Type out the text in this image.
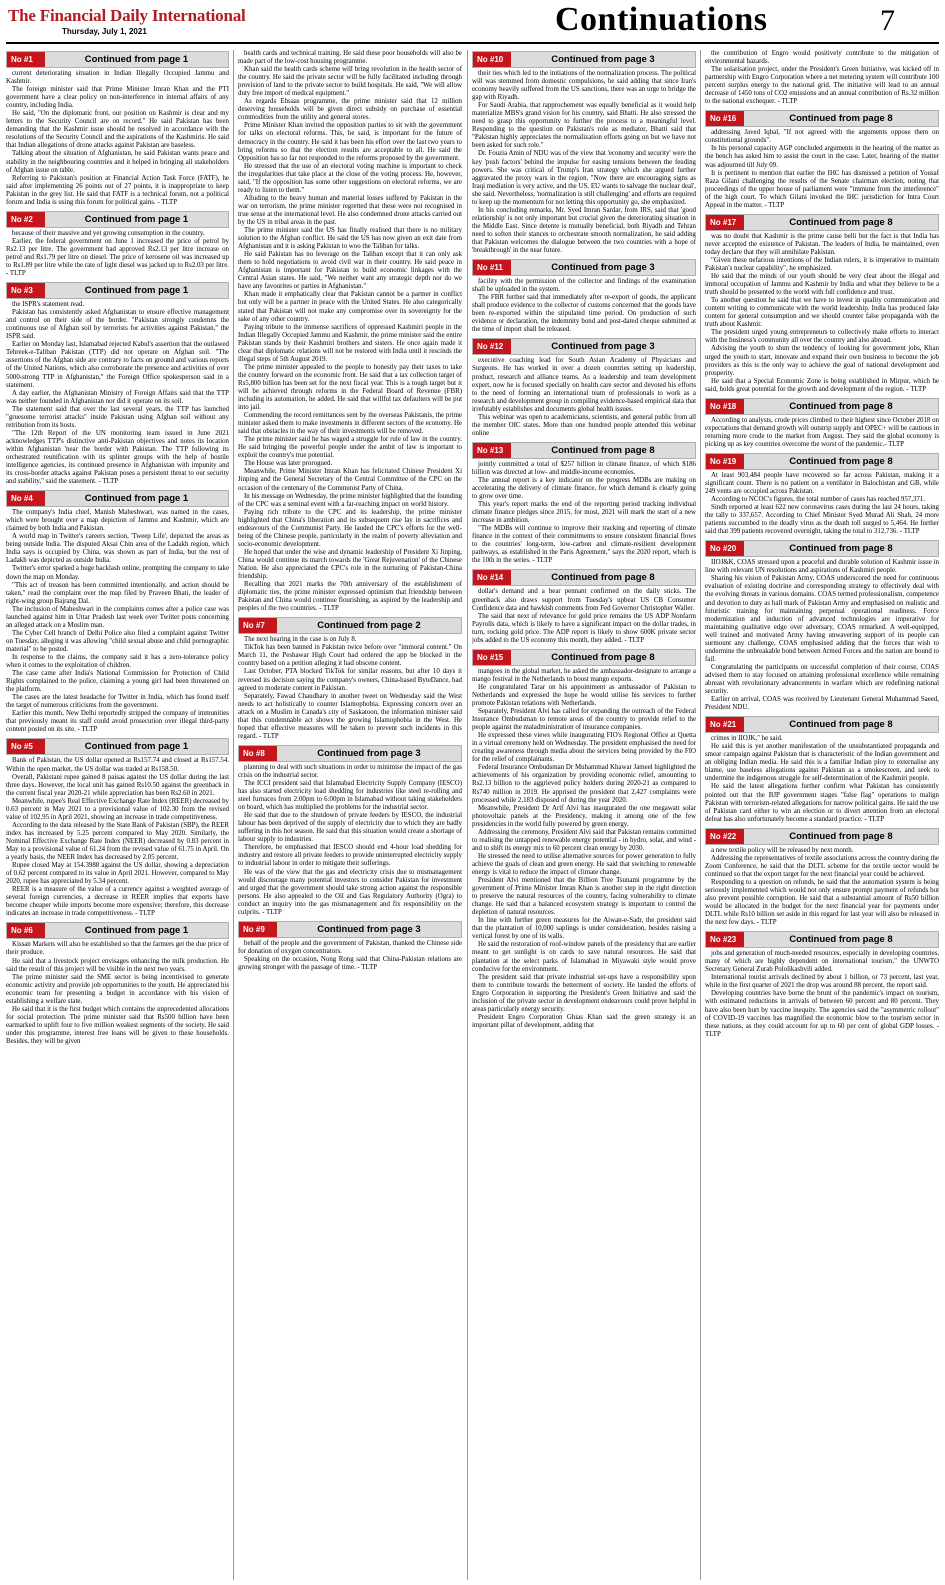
The Financial Daily International
Thursday, July 1, 2021	Continuations	7
No #1	Continued from page 1

current deteriorating situation in Indian Illegally Occupied Jammu and Kashmir.

The foreign minister said that Prime Minister Imran Khan and the PTI government have a clear policy on non-interference in internal affairs of any country, including India.

He said, "On the diplomatic front, our position on Kashmir is clear and my letters to the Security Council are on record." He said Pakistan has been demanding that the Kashmir issue should be resolved in accordance with the resolutions of the Security Council and the aspirations of the Kashmiris. He said that Indian allegations of drone attacks against Pakistan are baseless.

Talking about the situation of Afghanistan, he said Pakistan wants peace and stability in the neighbouring countries and it helped in bringing all stakeholders of Afghan issue on table.

Referring to Pakistan's position at Financial Action Task Force (FATF), he said after implementing 26 points out of 27 points, it is inappropriate to keep Pakistan in the grey list. He said that FATF is a technical forum, not a political forum and India is using this forum for political gains. - TLTP

No #2	Continued from page 1

because of their massive and yet growing consumption in the country.

Earlier, the federal government on June 1 increased the price of petrol by Rs2.13 per litre. The government had approved Rs2.13 per litre increase on petrol and Rs1.79 per litre on diesel. The price of kerosene oil was increased up to Rs1.89 per litre while the rate of light diesel was jacked up to Rs2.03 per litre. - TLTP

No #3	Continued from page 1

the ISPR's statement read.

Pakistan has consistently asked Afghanistan to ensure effective management and control on their side of the border. "Pakistan strongly condemns the continuous use of Afghan soil by terrorists for activities against Pakistan," the ISPR said.

Earlier on Monday last, Islamabad rejected Kabul's assertion that the outlawed Tehreek-e-Taliban Pakistan (TTP) did not operate on Afghan soil. "The assertions of the Afghan side are contrary to facts on ground and various reports of the United Nations, which also corroborate the presence and activities of over 5000-strong TTP in Afghanistan," the Foreign Office spokesperson said in a statement.

A day earlier, the Afghanistan Ministry of Foreign Affairs said that the TTP was neither founded in Afghanistan nor did it operate on its soil.

The statement said that over the last several years, the TTP has launched "gruesome terrorist attacks" inside Pakistan using Afghan soil without any retribution from its hosts.

"The 12th Report of the UN monitoring team issued in June 2021 acknowledges TTP's distinctive anti-Pakistan objectives and notes its location within Afghanistan 'near the border with Pakistan. The TTP following its orchestrated reunification with its splinter groups with the help of hostile intelligence agencies, its continued presence in Afghanistan with impunity and its cross-border attacks against Pakistan poses a persistent threat to our security and stability," said the statement. - TLTP

No #4	Continued from page 1

The company's India chief, Manish Maheshwari, was named in the cases, which were brought over a map depiction of Jammu and Kashmir, which are claimed by both India and Pakistan.

A world map in Twitter's careers section, 'Tweep Life', depicted the areas as being outside India. The disputed Aksai Chin area of the Ladakh region, which India says is occupied by China, was shown as part of India, but the rest of Ladakh was depicted as outside India.

Twitter's error sparked a huge backlash online, prompting the company to take down the map on Monday.

"This act of treason has been committed intentionally, and action should be taken," read the complaint over the map filed by Praveen Bhati, the leader of right-wing group Bajrang Dal.

The inclusion of Maheshwari in the complaints comes after a police case was launched against him in Uttar Pradesh last week over Twitter posts concerning an alleged attack on a Muslim man.

The Cyber Cell branch of Delhi Police also filed a complaint against Twitter on Tuesday, alleging it was allowing "child sexual abuse and child pornographic material" to be posted.

In response to the claims, the company said it has a zero-tolerance policy when it comes to the exploitation of children.

The case came after India's National Commission for Protection of Child Rights complained to the police, claiming a young girl had been threatened on the platform.

The cases are the latest headache for Twitter in India, which has found itself the target of numerous criticisms from the government.

Earlier this month, New Delhi reportedly stripped the company of immunities that previously meant its staff could avoid prosecution over illegal third-party content posted on its site. - TLTP

No #5	Continued from page 1

Bank of Pakistan, the US dollar opened at Rs157.74 and closed at Rs157.54. Within the open market, the US dollar was traded at Rs158.50.

Overall, Pakistani rupee gained 8 paisas against the US dollar during the last three days. However, the local unit has gained Rs10.50 against the greenback in the current fiscal year 2020-21 while appreciation has been Rs2.60 in 2021.

Meanwhile, rupee's Real Effective Exchange Rate Index (REER) decreased by 0.63 percent in May 2021 to a provisional value of 102.30 from the revised value of 102.95 in April 2021, showing an increase in trade competitiveness.

According to the data released by the State Bank of Pakistan (SBP), the REER index has increased by 5.25 percent compared to May 2020. Similarly, the Nominal Effective Exchange Rate Index (NEER) decreased by 0.83 percent in May to a provisional value of 61.24 from the revised value of 61.75 in April. On a yearly basis, the NEER Index has decreased by 2.05 percent.

Rupee closed May at 154.3988 against the US dollar, showing a depreciation of 0.62 percent compared to its value in April 2021. However, compared to May 2020, rupee has appreciated by 5.34 percent.

REER is a measure of the value of a currency against a weighted average of several foreign currencies, a decrease in REER implies that exports have become cheaper while imports become more expensive; therefore, this decrease indicates an increase in trade competitiveness. - TLTP

No #6	Continued from page 1

Kissan Markets will also be established so that the farmers get the due price of their produce.

He said that a livestock project envisages enhancing the milk production. He said the result of this project will be visible in the next two years.

The prime minister said the SME sector is being incentivised to generate economic activity and provide job opportunities to the youth. He appreciated his economic team for presenting a budget in accordance with his vision of establishing a welfare state.

He said that it is the first budget which contains the unprecedented allocations for social protection. The prime minister said that Rs500 billion have been earmarked to uplift four to five million weakest segments of the society. He said under this programme, interest free loans will be given to these households. Besides, they will be given

health cards and technical training. He said these poor households will also be made part of the low-cost housing programme.

Khan said the health cards scheme will bring revolution in the health sector of the country. He said the private sector will be fully facilitated including through provision of land to the private sector to build hospitals. He said, "We will allow duty free import of medical equipment."

As regards Ehsaas programme, the prime minister said that 12 million deserving households will be given direct subsidy on purchase of essential commodities from the utility and general stores.

Prime Minister Khan invited the opposition parties to sit with the government for talks on electoral reforms. This, he said, is important for the future of democracy in the country. He said it has been his effort over the last two years to bring reforms so that the election results are acceptable to all. He said the Opposition has so far not responded to the reforms proposed by the government.

He stressed that the use of an electoral voting machine is important to check the irregularities that take place at the close of the voting process. He, however, said, "If the opposition has some other suggestions on electoral reforms, we are ready to listen to them."

Alluding to the heavy human and material losses suffered by Pakistan in the war on terrorism, the prime minister regretted that these were not recognised in true sense at the international level. He also condemned drone attacks carried out by the US in tribal areas in the past.

The prime minister said the US has finally realised that there is no military solution to the Afghan conflict. He said the US has now given an exit date from Afghanistan and it is asking Pakistan to woo the Taliban for talks.

He said Pakistan has no leverage on the Taliban except that it can only ask them to hold negotiations to avoid civil war in their country. He said peace in Afghanistan is important for Pakistan to build economic linkages with the Central Asian states. He said, "We neither want any strategic depth nor do we have any favourites or parties in Afghanistan."

Khan made it emphatically clear that Pakistan cannot be a partner in conflict but only will be a partner in peace with the United States. He also categorically stated that Pakistan will not make any compromise over its sovereignty for the sake of any other country.

Paying tribute to the immense sacrifices of oppressed Kashmiri people in the Indian Illegally Occupied Jammu and Kashmir, the prime minister said the entire Pakistan stands by their Kashmiri brothers and sisters. He once again made it clear that diplomatic relations will not be restored with India until it rescinds the illegal steps of 5th August 2019.

The prime minister appealed to the people to honestly pay their taxes to take the country forward on the economic front. He said that a tax collection target of Rs5,800 billion has been set for the next fiscal year. This is a tough target but it will be achieved through reforms in the Federal Board of Revenue (FBR) including its automation, he added. He said that willful tax defaulters will be put into jail.

Commending the record remittances sent by the overseas Pakistanis, the prime minister asked them to make investments in different sectors of the economy. He said that obstacles in the way of their investments will be removed.

The prime minister said he has waged a struggle for rule of law in the country. He said bringing the powerful people under the ambit of law is important to exploit the country's true potential.

The House was later prorogued.

Meanwhile, Prime Minister Imran Khan has felicitated Chinese President Xi Jinping and the General Secretary of the Central Committee of the CPC on the occasion of the centenary of the Communist Party of China.

In his message on Wednesday, the prime minister highlighted that the founding of the CPC was a seminal event with a far-reaching impact on world history.

Paying rich tribute to the CPC and its leadership, the prime minister highlighted that China's liberation and its subsequent rise lay in sacrifices and endeavours of the Communist Party. He lauded the CPC's efforts for the well-being of the Chinese people, particularly in the realm of poverty alleviation and socio-economic development.

He hoped that under the wise and dynamic leadership of President Xi Jinping, China would continue its march towards the 'Great Rejuvenation' of the Chinese Nation. He also appreciated the CPC's role in the nurturing of Pakistan-China friendship.

Recalling that 2021 marks the 70th anniversary of the establishment of diplomatic ties, the prime minister expressed optimism that friendship between Pakistan and China would continue flourishing, as aspired by the leadership and peoples of the two countries. - TLTP

No #7	Continued from page 2

The next hearing in the case is on July 8.

TikTok has been banned in Pakistan twice before over "immoral content." On March 11, the Peshawar High Court had ordered the app be blocked in the country based on a petition alleging it had obscene content.

Last October, PTA blocked TikTok for similar reasons, but after 10 days it reversed its decision saying the company's owners, China-based ByteDance, had agreed to moderate content in Pakistan.

Separately, Fawad Chaudhary in another tweet on Wednesday said the West needs to act holistically to counter Islamophobia. Expressing concern over an attack on a Muslim in Canada's city of Saskatoon, the information minister said that this condemnable act shows the growing Islamophobia in the West. He hoped that effective measures will be taken to prevent such incidents in this regard. - TLTP

No #8	Continued from page 3

planning to deal with such situations in order to minimise the impact of the gas crisis on the industrial sector.

The ICCI president said that Islamabad Electricity Supply Company (IESCO) has also started electricity load shedding for industries like steel re-rolling and steel furnaces from 2:00pm to 6:00pm in Islamabad without taking stakeholders on board, which has multiplied the problems for the industrial sector.

He said that due to the shutdown of private feeders by IESCO, the industrial labour has been deprived of the supply of electricity due to which they are badly suffering in this hot season. He said that this situation would create a shortage of labour supply to industries.

Therefore, he emphasised that IESCO should end 4-hour load shedding for industry and restore all private feeders to provide uninterrupted electricity supply to industrial labour in order to mitigate their sufferings.

He was of the view that the gas and electricity crisis due to mismanagement would discourage many potential investors to consider Pakistan for investment and urged that the government should take strong action against the responsible persons. He also appealed to the Oil and Gas Regulatory Authority (Ogra) to conduct an inquiry into the gas mismanagement and fix responsibility on the culprits. - TLTP

No #9	Continued from page 3

behalf of the people and the government of Pakistan, thanked the Chinese side for donation of oxygen concentrators.

Speaking on the occasion, Nong Rong said that China-Pakistan relations are growing stronger with the passage of time. - TLTP

No #10	Continued from page 3

their ties which led to the initiations of the normalization process. The political will was stemmed from domestic compulsions, he said adding that since Iran's economy heavily suffered from the US sanctions, there was an urge to bridge the gap with Riyadh.

For Saudi Arabia, that rapprochement was equally beneficial as it would help materialize MBS's grand vision for his country, said Bhatti. He also stressed the need to grasp this opportunity to further the process to a meaningful level. Responding to the question on Pakistan's role as mediator, Bhatti said that "Pakistan highly appreciates the normalization efforts going on but we have not been asked for such role."

Dr. Fouzia Amin of NDU was of the view that 'economy and security' were the key 'push factors' behind the impulse for easing tensions between the feuding powers. She was critical of Trump's Iran strategy which she argued further aggravated the proxy wars in the region. "Now there are encouraging signs as Iraqi mediation is very active, and the US, EU wants to salvage the nuclear deal', she said. Nevertheless, 'normalization is still challenging' and efforts are required to keep up the momentum for not letting this opportunity go, she emphasized.

In his concluding remarks, Mr. Syed Imran Sardar, from IRS, said that 'good relationship' is not only important but crucial given the deteriorating situation in the Middle East. Since detente is mutually beneficial, both Riyadh and Tehran need to soften their stances to orchestrate smooth normalization, he said adding that Pakistan welcomes the dialogue between the two countries with a hope of 'breakthrough' in the near future.

No #11	Continued from page 3

facility with the permission of the collector and findings of the examination shall be uploaded in the system.

The FBR further said that immediately after re-export of goods, the applicant shall produce evidence to the collector of customs concerned that the goods have been re-exported within the stipulated time period. On production of such evidence or declaration, the indemnity bond and post-dated cheque submitted at the time of import shall be released.

No #12	Continued from page 3

executive coaching lead for South Asian Academy of Physicians and Surgeons. He has worked in over a dozen countries setting up leadership, product, research and alliance teams. As a leadership and team development expert, now he is focused specially on health care sector and devoted his efforts to the need of forming an international team of professionals to work as a research and development group in compiling evidence-based empirical data that irrefutably establishes and documents global health issues.

This webinar was open to academicians, scientists, and general public from all the member OIC states. More than one hundred people attended this webinar online

No #13	Continued from page 8

jointly committed a total of $257 billion in climate finance, of which $186 billion was directed at low- and middle-income economies.

The annual report is a key indicator on the progress MDBs are making on accelerating the delivery of climate finance, for which demand is clearly going to grow over time.

This year's report marks the end of the reporting period tracking individual climate finance pledges since 2015, for most, 2021 will mark the start of a new increase in ambition.

"The MDBs will continue to improve their tracking and reporting of climate finance in the context of their commitments to ensure consistent financial flows to the countries' long-term, low-carbon and climate-resilient development pathways, as established in the Paris Agreement," says the 2020 report, which is the 10th in the series. - TLTP

No #14	Continued from page 8

dollar's demand and a bear pennant confirmed on the daily sticks. The greenback also draws support from Tuesday's upbeat US CB Consumer Confidence data and hawkish comments from Fed Governor Christopher Waller.

The said that next of relevance for gold price remains the US ADP Nonfarm Payrolls data, which is likely to have a significant impact on the dollar trades, in turn, rocking gold price. The ADP report is likely to show 600K private sector jobs added to the US economy this month, they added. - TLTP

No #15	Continued from page 8

mangoes in the global market, he asked the ambassador-designate to arrange a mango festival in the Netherlands to boost mango exports.

He congratulated Tarar on his appointment as ambassador of Pakistan to Netherlands and expressed the hope he would utilise his services to further promote Pakistan relations with Netherlands.

Separately, President Alvi has called for expanding the outreach of the Federal Insurance Ombudsman to remote areas of the country to provide relief to the people against the maladministration of insurance companies.

He expressed these views while inaugurating FIO's Regional Office at Quetta in a virtual ceremony held on Wednesday. The president emphasised the need for creating awareness through media about the services being provided by the FIO for the relief of complainants.

Federal Insurance Ombudsman Dr Muhammad Khawar Jameel highlighted the achievements of his organization by providing economic relief, amounting to Rs2.13 billion to the aggrieved policy holders during 2020-21 as compared to Rs740 million in 2019. He apprised the president that 2,427 complaints were processed while 2,183 disposed of during the year 2020.

Meanwhile, President Dr Arif Alvi has inaugurated the one megawatt solar photovoltaic panels at the Presidency, making it among one of the few presidencies in the world fully powered by green energy.

Addressing the ceremony, President Alvi said that Pakistan remains committed to realising the untapped renewable energy potential - in hydro, solar, and wind - and to shift its energy mix to 60 percent clean energy by 2030.

He stressed the need to utilise alternative sources for power generation to fully achieve the goals of clean and green energy. He said that switching to renewable energy is vital to reduce the impact of climate change.

President Alvi mentioned that the Billion Tree Tsunami programme by the government of Prime Minister Imran Khan is another step in the right direction to preserve the natural resources of the country, facing vulnerability to climate change. He said that a balanced ecosystem strategy is important to control the depletion of natural resources.

In line with further green measures for the Aiwan-e-Sadr, the president said that the plantation of 10,000 saplings is under consideration, besides raising a vertical forest by one of its walls.

He said the restoration of roof-window panels of the presidency that are earlier meant to get sunlight is on cards to save natural resources. He said that plantation at the select parks of Islamabad in Miyawaki style would prove conducive for the environment.

The president said that private industrial set-ups have a responsibility upon them to contribute towards the betterment of society. He lauded the efforts of Engro Corporation in supporting the President's Green Initiative and said the inclusion of the private sector in development endeavours could prove helpful in areas particularly energy security.

President Engro Corporation Ghias Khan said the green strategy is an important pillar of development, adding that

the contribution of Engro would positively contribute to the mitigation of environmental hazards.

The solarisation project, under the President's Green Initiative, was kicked off in partnership with Engro Corporation where a net metering system will contribute 100 percent surplus energy to the national grid. The initiative will lead to an annual decrease of 1450 tons of CO2 emissions and an annual contribution of Rs.32 million to the national exchequer. - TLTP

No #16	Continued from page 8

addressing Javed Iqbal, "If not agreed with the arguments oppose them on constitutional grounds".

In his personal capacity AGP concluded arguments in the hearing of the matter as the bench has asked him to assist the court in the case. Later, hearing of the matter was adjourned till July 09.

It is pertinent to mention that earlier the IHC has dismissed a petition of Yousaf Raza Gilani challenging the results of the Senate chairman election, noting that proceedings of the upper house of parliament were "immune from the interference" of the high court. To which Gilani invoked the IHC jurisdiction for Intra Court Appeal in the matter. - TLTP

No #17	Continued from page 8

was no doubt that Kashmir is the prime cause belli but the fact is that India has never accepted the existence of Pakistan. The leaders of India, he maintained, even today declare that they will annihilate Pakistan.

"Given these nefarious intentions of the Indian rulers, it is imperative to maintain Pakistan's nuclear capability", he emphasized.

He said that the minds of our youth should be very clear about the illegal and immoral occupation of Jammu and Kashmir by India and what they believe to be a truth should be presented to the world with full confidence and trust.

To another question he said that we have to invest in quality communication and content writing to communicate with the world leadership. India has produced fake content for general consumption and we should counter false propaganda with the truth about Kashmir.

The president urged young entrepreneurs to collectively make efforts to interact with the business's community all over the country and also abroad.

Advising the youth to shun the tendency of looking for government jobs, Khan urged the youth to start, innovate and expand their own business to become the job providers as this is the only way to achieve the goal of national development and prosperity.

He said that a Special Economic Zone is being established in Mirpur, which he said, holds great potential for the growth and development of the region. - TLTP

No #18	Continued from page 8

According to analysts, crude prices climbed to their highest since October 2018 on expectations that demand growth will outstrip supply and OPEC+ will be cautious in returning more crude to the market from August. They said the global economy is picking up as key countries overcome the worst of the pandemic.- TLTP

No #19	Continued from page 8

At least 903,484 people have recovered so far across Pakistan, making it a significant count. There is no patient on a ventilator in Balochistan and GB, while 249 vents are occupied across Pakistan.

According to NCOC's figures, the total number of cases has reached 957,371.

Sindh reported at least 622 new coronavirus cases during the last 24 hours, taking the tally to 337,657. According to Chief Minister Syed Murad Ali Shah, 24 more patients succumbed to the deadly virus as the death toll surged to 5,464. He further said that 399 patients recovered overnight, taking the total to 312,736. - TLTP

No #20	Continued from page 8

IIOJ&K, COAS stressed upon a peaceful and durable solution of Kashmir issue in line with relevant UN resolutions and aspirations of Kashmiri people.

Sharing his vision of Pakistan Army, COAS underscored the need for continuous evaluation of existing doctrine and corresponding strategy to effectively deal with the evolving threats in various domains. COAS termed professionalism, competence and devotion to duty as hall mark of Pakistan Army and emphasised on realistic and futuristic training for maintaining perpetual operational readiness. Force modernization and induction of advanced technologies are imperative for maintaining qualitative edge over adversary, COAS remarked. A well-equipped, well trained and motivated Army having unwavering support of its people can surmount any challenge, COAS emphasised adding that the forces that wish to undermine the unbreakable bond between Armed Forces and the nation are bound to fail.

Congratulating the participants on successful completion of their course, COAS advised them to stay focused on attaining professional excellence while remaining abreast with revolutionary advancements in warfare which are redefining national security.

Earlier on arrival, COAS was received by Lieutenant General Muhammad Saeed, President NDU.

No #21	Continued from page 8

crimes in IIOJK," he said.

He said this is yet another manifestation of the unsubstantiated propaganda and smear campaign against Pakistan that is characteristic of the Indian government and an obliging Indian media. He said this is a familiar Indian ploy to externalise any blame, use baseless allegations against Pakistan as a smokescreen, and seek to undermine the indigenous struggle for self-determination of the Kashmiri people.

He said the latest allegations further confirm what Pakistan has consistently pointed out that the BJP government stages "false flag" operations to malign Pakistan with terrorism-related allegations for narrow political gains. He said the use of Pakistan card either to win an election or to divert attention from an electoral defeat has also unfortunately become a standard practice. - TLTP

No #22	Continued from page 8

a new textile policy will be released by next month.

Addressing the representatives of textile associations across the country during the Zoom Conference, he said that the DLTL scheme for the textile sector would be continued so that the export target for the next financial year could be achieved.

Responding to a question on refunds, he said that the automation system is being seriously implemented which would not only ensure prompt payment of refunds but also prevent possible corruption. He said that a substantial amount of Rs50 billion would be allocated in the budget for the next financial year for payments under DLTL while Rs10 billion set aside in this regard for last year will also be released in the next few days. - TLTP

No #23	Continued from page 8

jobs and generation of much-needed resources, especially in developing countries, many of which are highly dependent on international tourism," the UNWTO Secretary General Zurab Pololikashvili added.

International tourist arrivals declined by about 1 billion, or 73 percent, last year, while in the first quarter of 2021 the drop was around 88 percent, the report said.

Developing countries have borne the brunt of the pandemic's impact on tourism, with estimated reductions in arrivals of between 60 percent and 80 percent. They have also been hurt by vaccine inequity. The agencies said the "asymmetric rollout" of COVID-19 vaccines has magnified the economic blow to the tourism sector in these nations, as they could account for up to 60 per cent of global GDP losses. - TLTP
